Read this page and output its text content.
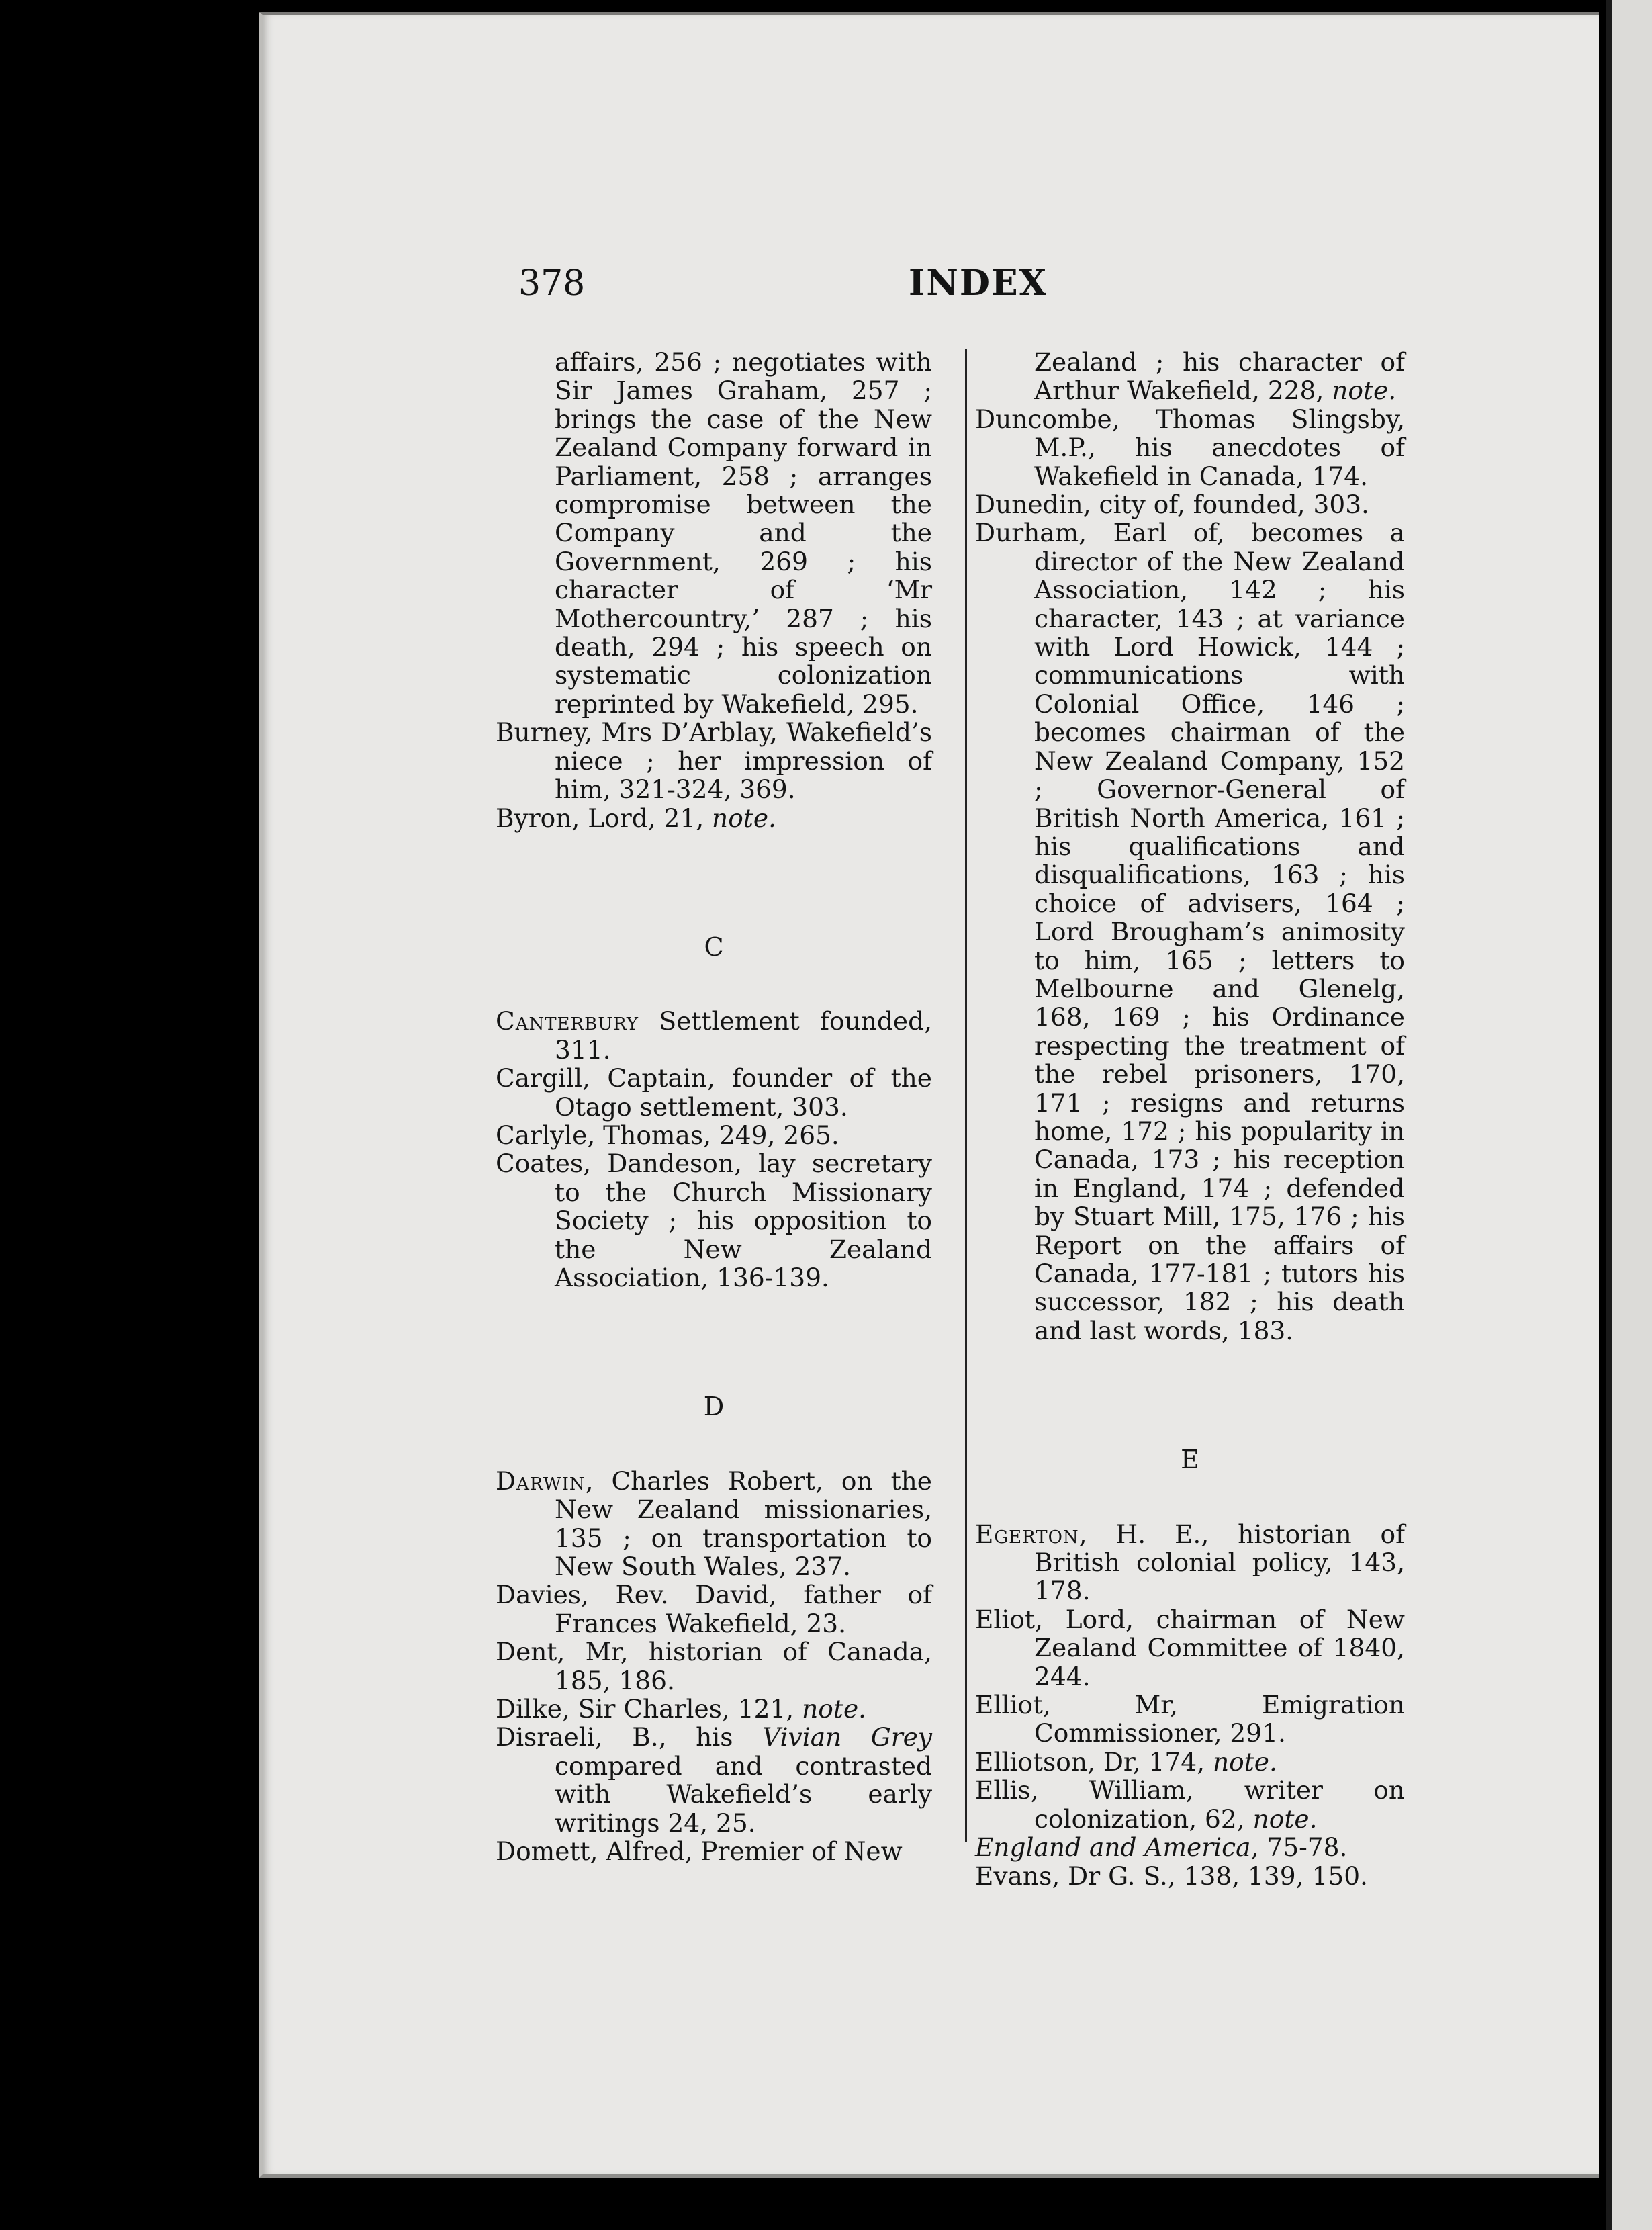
378	INDEX
affairs, 256 ; negotiates with Sir James Graham, 257 ; brings the case of the New Zealand Company forward in Parliament, 258 ; arranges compromise between the Company and the Government, 269 ; his character of ‘Mr Mothercountry,’ 287 ; his death, 294 ; his speech on systematic colonization reprinted by Wakefield, 295.
Burney, Mrs D’Arblay, Wakefield’s niece ; her impression of him, 321-324, 369.
Byron, Lord, 21, note.
C
Canterbury Settlement founded, 311.
Cargill, Captain, founder of the Otago settlement, 303.
Carlyle, Thomas, 249, 265.
Coates, Dandeson, lay secretary to the Church Missionary Society ; his opposition to the New Zealand Association, 136-139.
D
Darwin, Charles Robert, on the New Zealand missionaries, 135 ; on transportation to New South Wales, 237.
Davies, Rev. David, father of Frances Wakefield, 23.
Dent, Mr, historian of Canada, 185, 186.
Dilke, Sir Charles, 121, note.
Disraeli, B., his Vivian Grey compared and contrasted with Wakefield’s early writings 24, 25.
Domett, Alfred, Premier of New
Zealand ; his character of Arthur Wakefield, 228, note.
Duncombe, Thomas Slingsby, M.P., his anecdotes of Wakefield in Canada, 174.
Dunedin, city of, founded, 303.
Durham, Earl of, becomes a director of the New Zealand Association, 142 ; his character, 143 ; at variance with Lord Howick, 144 ; communications with Colonial Office, 146 ; becomes chairman of the New Zealand Company, 152 ; Governor-General of British North America, 161 ; his qualifications and disqualifications, 163 ; his choice of advisers, 164 ; Lord Brougham’s animosity to him, 165 ; letters to Melbourne and Glenelg, 168, 169 ; his Ordinance respecting the treatment of the rebel prisoners, 170, 171 ; resigns and returns home, 172 ; his popularity in Canada, 173 ; his reception in England, 174 ; defended by Stuart Mill, 175, 176 ; his Report on the affairs of Canada, 177-181 ; tutors his successor, 182 ; his death and last words, 183.
E
Egerton, H. E., historian of British colonial policy, 143, 178.
Eliot, Lord, chairman of New Zealand Committee of 1840, 244.
Elliot, Mr, Emigration Commissioner, 291.
Elliotson, Dr, 174, note.
Ellis, William, writer on colonization, 62, note.
England and America, 75-78.
Evans, Dr G. S., 138, 139, 150.
